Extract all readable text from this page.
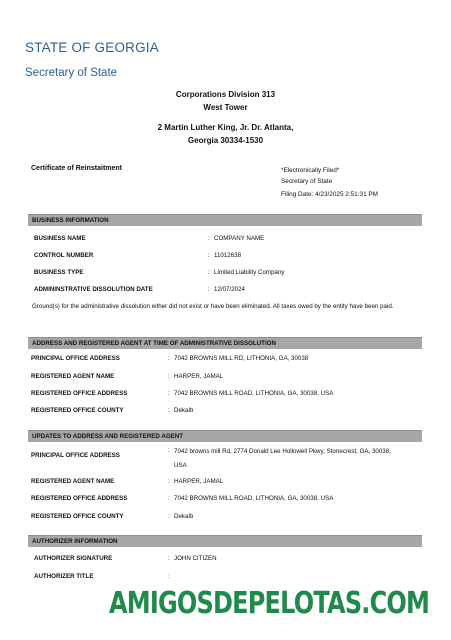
STATE OF GEORGIA
Secretary of State
Corporations Division 313
West Tower
2 Martin Luther King, Jr. Dr. Atlanta,
Georgia 30334-1530
Certificate of Reinstaitment	*Electronically Filed*
Secretary of State
Filing Date: 4/23/2025 2:51:31 PM
BUSINESS INFORMATION
BUSINESS NAME	: COMPANY NAME
CONTROL NUMBER	: 11012638
BUSINESS TYPE	: Limited Liability Company
ADMININSTRATIVE DISSOLUTION DATE	: 12/07/2024
Ground(s) for the administrative dissolution either did not exist or have been eliminated. All taxes owed by the entity have been paid.
ADDRESS AND REGISTERED AGENT AT TIME OF ADMINISTRATIVE DISSOLUTION
PRINCIPAL OFFICE ADDRESS	: 7042 BROWNS MILL RD, LITHONIA, GA, 30038
REGISTERED AGENT NAME	: HARPER, JAMAL
REGISTERED OFFICE ADDRESS	: 7042 BROWNS MILL ROAD, LITHONIA, GA, 30038, USA
REGISTERED OFFICE COUNTY	: Dekalb
UPDATES TO ADDRESS AND REGISTERED AGENT
PRINCIPAL OFFICE ADDRESS
: 7042 browns mill Rd, 2774 Donald Lee Hollowell Pkwy, Stonecrest, GA, 30038, USA
REGISTERED AGENT NAME	: HARPER, JAMAL
REGISTERED OFFICE ADDRESS	: 7042 BROWNS MILL ROAD, LITHONIA, GA, 30038, USA
REGISTERED OFFICE COUNTY	: Dekalb
AUTHORIZER INFORMATION
AUTHORIZER SIGNATURE	: JOHN CITIZEN
AUTHORIZER TITLE	:
AMIGOSDEPELOTAS.COM
